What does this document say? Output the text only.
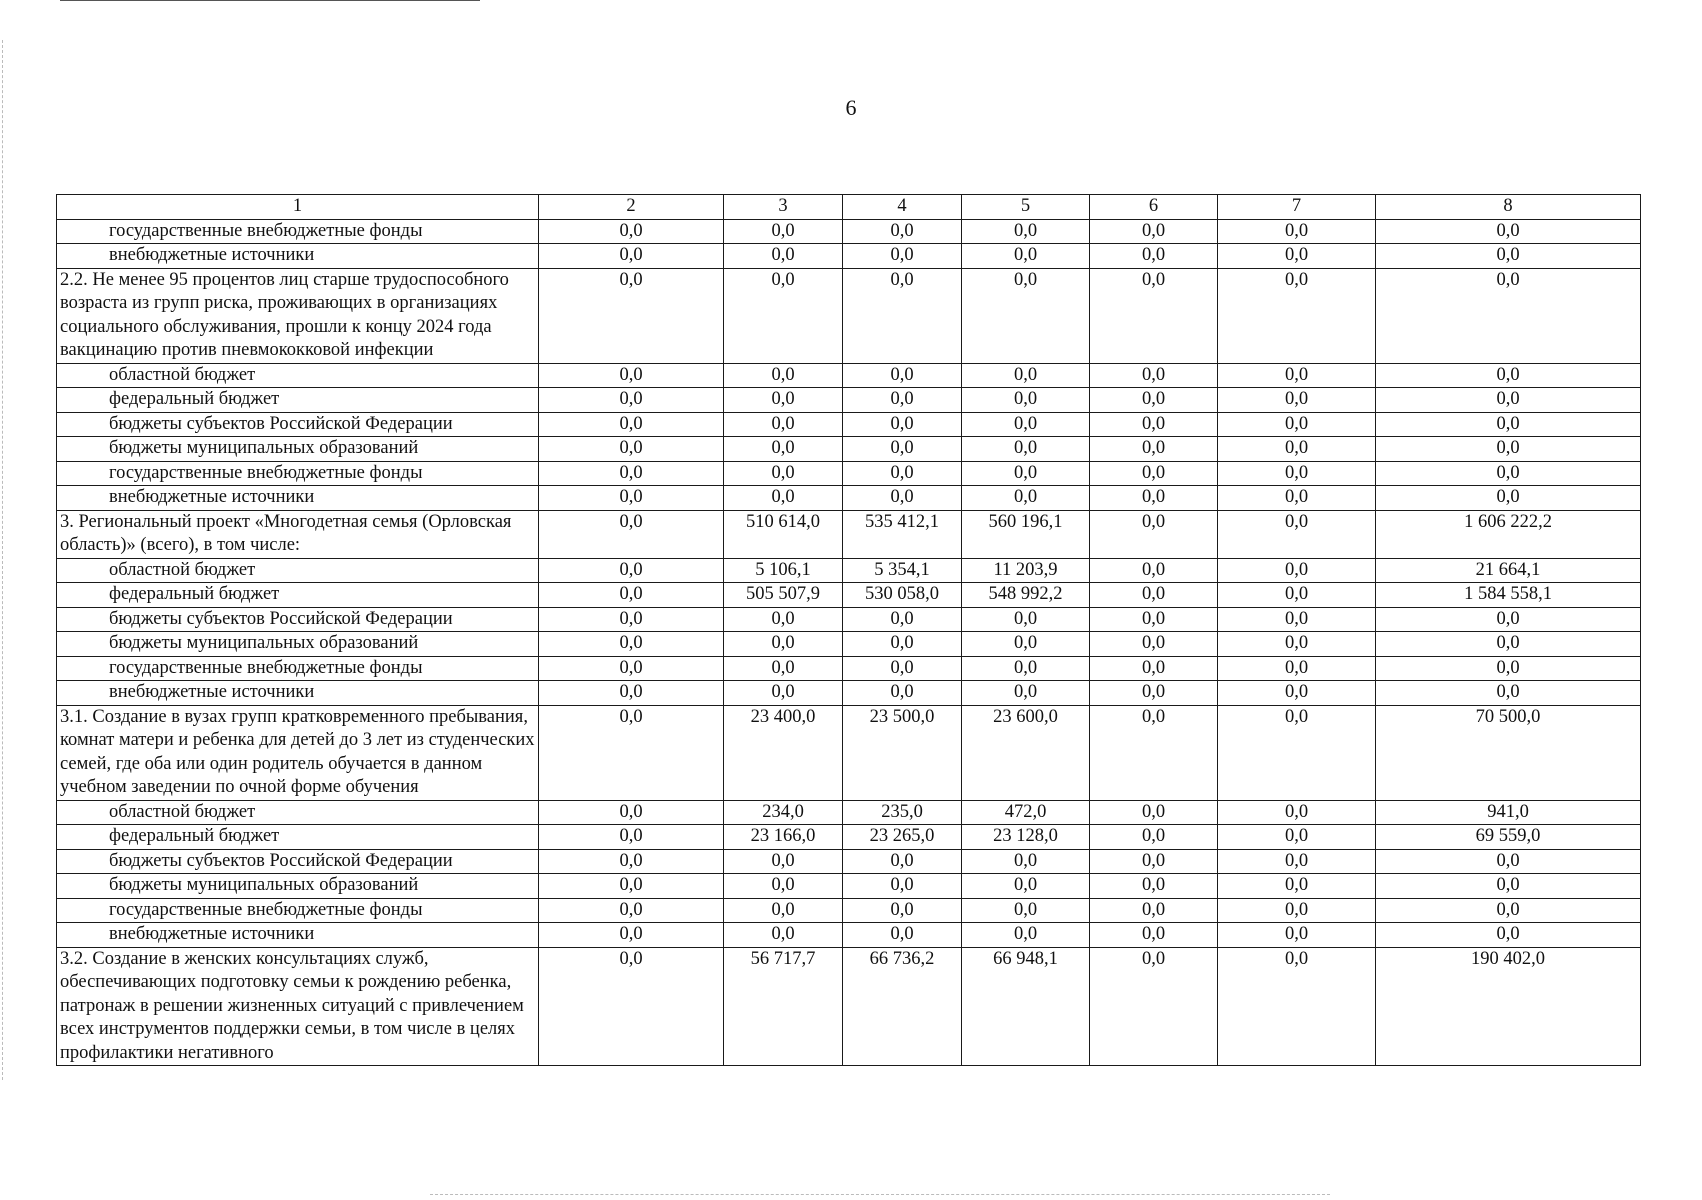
6
1	2	3	4	5	6	7	8
государственные внебюджетные фонды	0,0	0,0	0,0	0,0	0,0	0,0	0,0
внебюджетные источники	0,0	0,0	0,0	0,0	0,0	0,0	0,0
2.2. Не менее 95 процентов лиц старше трудоспособного возраста из групп риска, проживающих в организациях социального обслуживания, прошли к концу 2024 года вакцинацию против пневмококковой инфекции	0,0	0,0	0,0	0,0	0,0	0,0	0,0
областной бюджет	0,0	0,0	0,0	0,0	0,0	0,0	0,0
федеральный бюджет	0,0	0,0	0,0	0,0	0,0	0,0	0,0
бюджеты субъектов Российской Федерации	0,0	0,0	0,0	0,0	0,0	0,0	0,0
бюджеты муниципальных образований	0,0	0,0	0,0	0,0	0,0	0,0	0,0
государственные внебюджетные фонды	0,0	0,0	0,0	0,0	0,0	0,0	0,0
внебюджетные источники	0,0	0,0	0,0	0,0	0,0	0,0	0,0
3. Региональный проект «Многодетная семья (Орловская область)» (всего), в том числе:	0,0	510 614,0	535 412,1	560 196,1	0,0	0,0	1 606 222,2
областной бюджет	0,0	5 106,1	5 354,1	11 203,9	0,0	0,0	21 664,1
федеральный бюджет	0,0	505 507,9	530 058,0	548 992,2	0,0	0,0	1 584 558,1
бюджеты субъектов Российской Федерации	0,0	0,0	0,0	0,0	0,0	0,0	0,0
бюджеты муниципальных образований	0,0	0,0	0,0	0,0	0,0	0,0	0,0
государственные внебюджетные фонды	0,0	0,0	0,0	0,0	0,0	0,0	0,0
внебюджетные источники	0,0	0,0	0,0	0,0	0,0	0,0	0,0
3.1. Создание в вузах групп кратковременного пребывания, комнат матери и ребенка для детей до 3 лет из студенческих семей, где оба или один родитель обучается в данном учебном заведении по очной форме обучения	0,0	23 400,0	23 500,0	23 600,0	0,0	0,0	70 500,0
областной бюджет	0,0	234,0	235,0	472,0	0,0	0,0	941,0
федеральный бюджет	0,0	23 166,0	23 265,0	23 128,0	0,0	0,0	69 559,0
бюджеты субъектов Российской Федерации	0,0	0,0	0,0	0,0	0,0	0,0	0,0
бюджеты муниципальных образований	0,0	0,0	0,0	0,0	0,0	0,0	0,0
государственные внебюджетные фонды	0,0	0,0	0,0	0,0	0,0	0,0	0,0
внебюджетные источники	0,0	0,0	0,0	0,0	0,0	0,0	0,0
3.2. Создание в женских консультациях служб, обеспечивающих подготовку семьи к рождению ребенка, патронаж в решении жизненных ситуаций с привлечением всех инструментов поддержки семьи, в том числе в целях профилактики негативного	0,0	56 717,7	66 736,2	66 948,1	0,0	0,0	190 402,0
